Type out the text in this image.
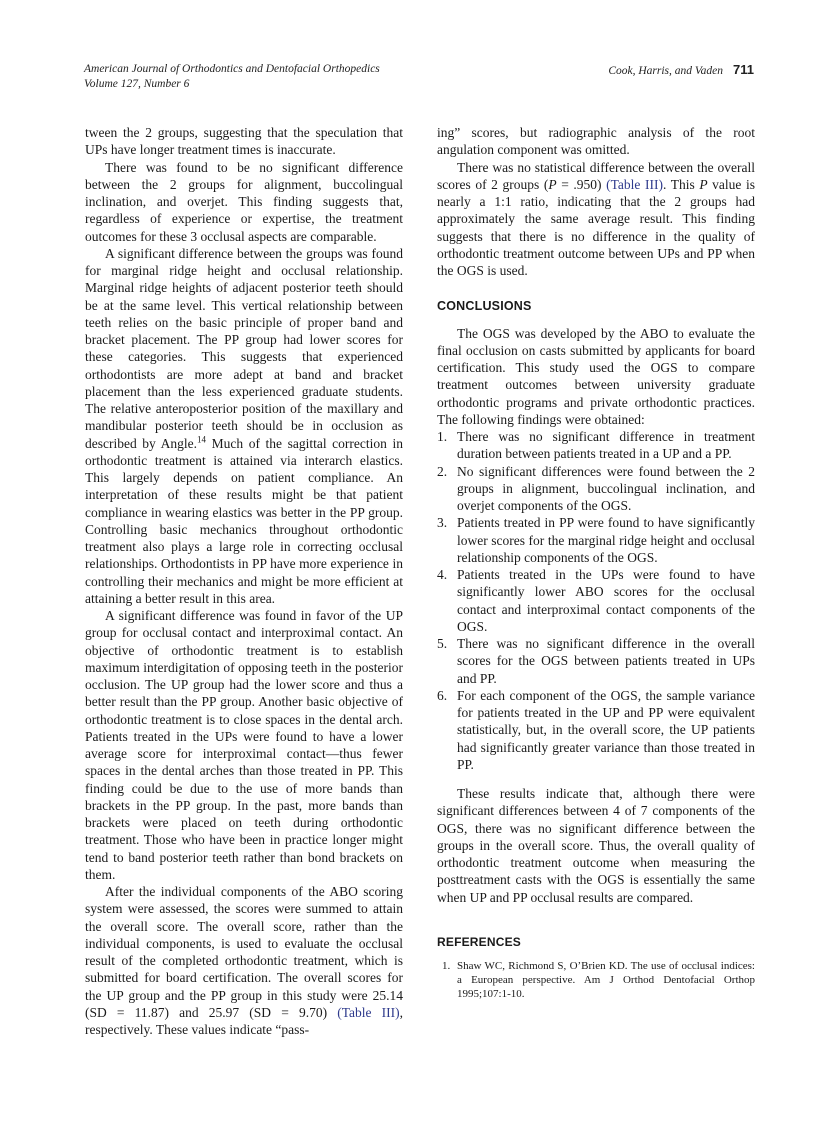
American Journal of Orthodontics and Dentofacial Orthopedics
Volume 127, Number 6
Cook, Harris, and Vaden 711

tween the 2 groups, suggesting that the speculation that UPs have longer treatment times is inaccurate.

There was found to be no significant difference between the 2 groups for alignment, buccolingual inclination, and overjet. This finding suggests that, regardless of experience or expertise, the treatment outcomes for these 3 occlusal aspects are comparable.

A significant difference between the groups was found for marginal ridge height and occlusal relationship. Marginal ridge heights of adjacent posterior teeth should be at the same level. This vertical relationship between teeth relies on the basic principle of proper band and bracket placement. The PP group had lower scores for these categories. This suggests that experienced orthodontists are more adept at band and bracket placement than the less experienced graduate students. The relative anteroposterior position of the maxillary and mandibular posterior teeth should be in occlusion as described by Angle.$^{14}$ Much of the sagittal correction in orthodontic treatment is attained via interarch elastics. This largely depends on patient compliance. An interpretation of these results might be that patient compliance in wearing elastics was better in the PP group. Controlling basic mechanics throughout orthodontic treatment also plays a large role in correcting occlusal relationships. Orthodontists in PP have more experience in controlling their mechanics and might be more efficient at attaining a better result in this area.

A significant difference was found in favor of the UP group for occlusal contact and interproximal contact. An objective of orthodontic treatment is to establish maximum interdigitation of opposing teeth in the posterior occlusion. The UP group had the lower score and thus a better result than the PP group. Another basic objective of orthodontic treatment is to close spaces in the dental arch. Patients treated in the UPs were found to have a lower average score for interproximal contact—thus fewer spaces in the dental arches than those treated in PP. This finding could be due to the use of more bands than brackets in the PP group. In the past, more bands than brackets were placed on teeth during orthodontic treatment. Those who have been in practice longer might tend to band posterior teeth rather than bond brackets on them.

After the individual components of the ABO scoring system were assessed, the scores were summed to attain the overall score. The overall score, rather than the individual components, is used to evaluate the occlusal result of the completed orthodontic treatment, which is submitted for board certification. The overall scores for the UP group and the PP group in this study were 25.14 (SD = 11.87) and 25.97 (SD = 9.70) (Table III), respectively. These values indicate “pass-

ing” scores, but radiographic analysis of the root angulation component was omitted.

There was no statistical difference between the overall scores of 2 groups (P = .950) (Table III). This P value is nearly a 1:1 ratio, indicating that the 2 groups had approximately the same average result. This finding suggests that there is no difference in the quality of orthodontic treatment outcome between UPs and PP when the OGS is used.

CONCLUSIONS

The OGS was developed by the ABO to evaluate the final occlusion on casts submitted by applicants for board certification. This study used the OGS to compare treatment outcomes between university graduate orthodontic programs and private orthodontic practices. The following findings were obtained:

1. There was no significant difference in treatment duration between patients treated in a UP and a PP.
2. No significant differences were found between the 2 groups in alignment, buccolingual inclination, and overjet components of the OGS.
3. Patients treated in PP were found to have significantly lower scores for the marginal ridge height and occlusal relationship components of the OGS.
4. Patients treated in the UPs were found to have significantly lower ABO scores for the occlusal contact and interproximal contact components of the OGS.
5. There was no significant difference in the overall scores for the OGS between patients treated in UPs and PP.
6. For each component of the OGS, the sample variance for patients treated in the UP and PP were equivalent statistically, but, in the overall score, the UP patients had significantly greater variance than those treated in PP.

These results indicate that, although there were significant differences between 4 of 7 components of the OGS, there was no significant difference between the groups in the overall score. Thus, the overall quality of orthodontic treatment outcome when measuring the posttreatment casts with the OGS is essentially the same when UP and PP occlusal results are compared.

REFERENCES
1. Shaw WC, Richmond S, O’Brien KD. The use of occlusal indices: a European perspective. Am J Orthod Dentofacial Orthop 1995;107:1-10.
